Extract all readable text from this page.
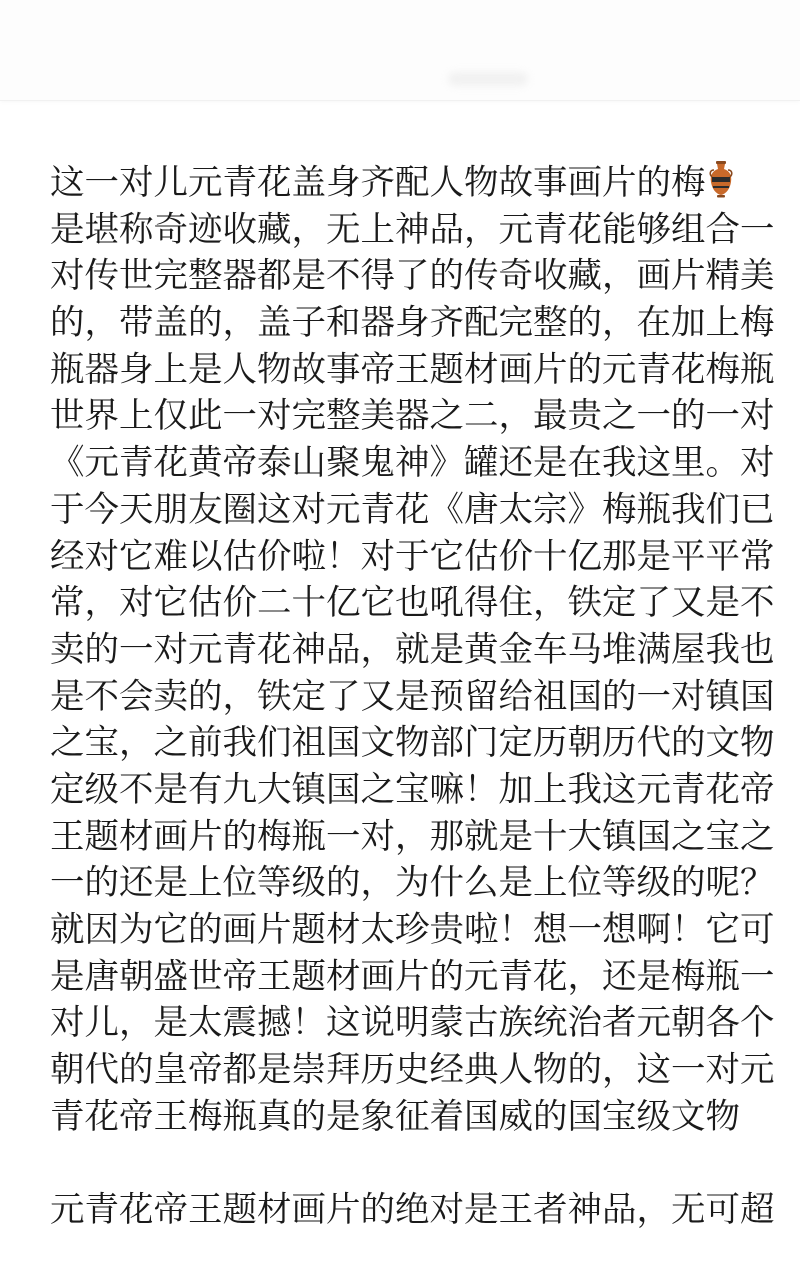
这一对儿元青花盖身齐配人物故事画片的梅
是堪称奇迹收藏，无上神品，元青花能够组合一
对传世完整器都是不得了的传奇收藏，画片精美
的，带盖的，盖子和器身齐配完整的，在加上梅
瓶器身上是人物故事帝王题材画片的元青花梅瓶
世界上仅此一对完整美器之二，最贵之一的一对
《元青花黄帝泰山聚鬼神》罐还是在我这里。对
于今天朋友圈这对元青花《唐太宗》梅瓶我们已
经对它难以估价啦！对于它估价十亿那是平平常
常，对它估价二十亿它也吼得住，铁定了又是不
卖的一对元青花神品，就是黄金车马堆满屋我也
是不会卖的，铁定了又是预留给祖国的一对镇国
之宝，之前我们祖国文物部门定历朝历代的文物
定级不是有九大镇国之宝嘛！加上我这元青花帝
王题材画片的梅瓶一对，那就是十大镇国之宝之
一的还是上位等级的，为什么是上位等级的呢？
就因为它的画片题材太珍贵啦！想一想啊！它可
是唐朝盛世帝王题材画片的元青花，还是梅瓶一
对儿，是太震撼！这说明蒙古族统治者元朝各个
朝代的皇帝都是崇拜历史经典人物的，这一对元
青花帝王梅瓶真的是象征着国威的国宝级文物

元青花帝王题材画片的绝对是王者神品，无可超
